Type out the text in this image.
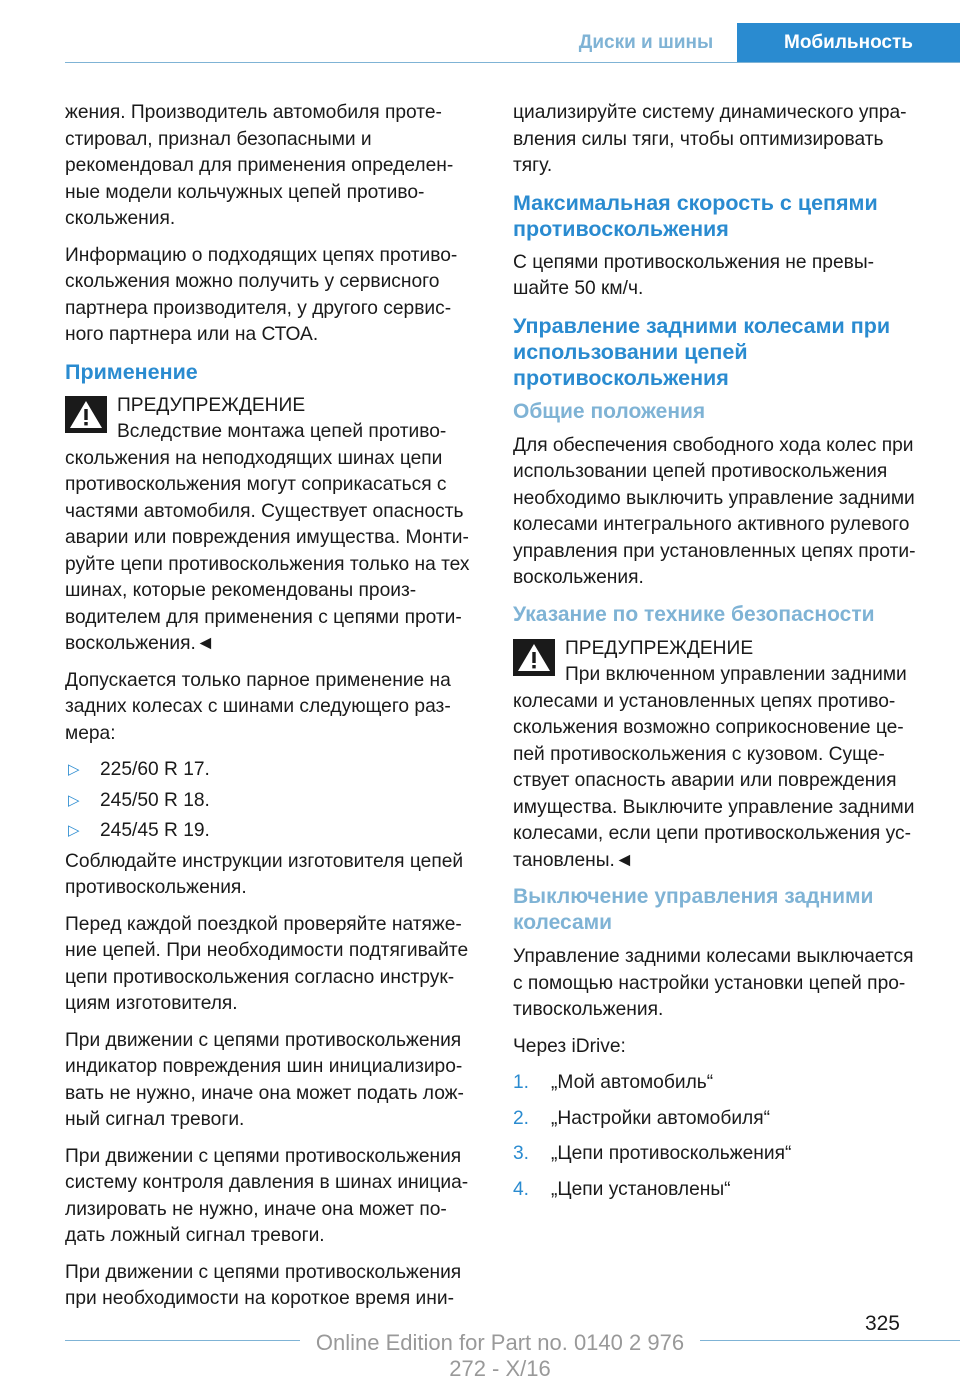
Диски и шины	Мобильность

жения. Производитель автомобиля проте- стировал, признал безопасными и рекомендовал для применения определен- ные модели кольчужных цепей противо- скольжения.

Информацию о подходящих цепях противо- скольжения можно получить у сервисного партнера производителя, у другого сервис- ного партнера или на СТОА.

Применение
ПРЕДУПРЕЖДЕНИЕ

Вследствие монтажа цепей противо- скольжения на неподходящих шинах цепи противоскольжения могут соприкасаться с частями автомобиля. Существует опасность аварии или повреждения имущества. Монти- руйте цепи противоскольжения только на тех шинах, которые рекомендованы произ- водителем для применения с цепями проти- воскольжения.◄

Допускается только парное применение на задних колесах с шинами следующего раз- мера:

▷ 225/60 R 17.
▷ 245/50 R 18.
▷ 245/45 R 19.

Соблюдайте инструкции изготовителя цепей противоскольжения.

Перед каждой поездкой проверяйте натяже- ние цепей. При необходимости подтягивайте цепи противоскольжения согласно инструк- циям изготовителя.

При движении с цепями противоскольжения индикатор повреждения шин инициализиро- вать не нужно, иначе она может подать лож- ный сигнал тревоги.

При движении с цепями противоскольжения систему контроля давления в шинах инициа- лизировать не нужно, иначе она может по- дать ложный сигнал тревоги.

При движении с цепями противоскольжения при необходимости на короткое время ини-

циализируйте систему динамического упра- вления силы тяги, чтобы оптимизировать тягу.

Максимальная скорость с цепями противоскольжения

С цепями противоскольжения не превы- шайте 50 км/ч.

Управление задними колесами при использовании цепей противоскольжения
Общие положения

Для обеспечения свободного хода колес при использовании цепей противоскольжения необходимо выключить управление задними колесами интегрального активного рулевого управления при установленных цепях проти- воскольжения.

Указание по технике безопасности
ПРЕДУПРЕЖДЕНИЕ

При включенном управлении задними колесами и установленных цепях противо- скольжения возможно соприкосновение це- пей противоскольжения с кузовом. Суще- ствует опасность аварии или повреждения имущества. Выключите управление задними колесами, если цепи противоскольжения ус- тановлены.◄

Выключение управления задними колесами

Управление задними колесами выключается с помощью настройки установки цепей про- тивоскольжения.

Через iDrive:

1. „Мой автомобиль“
2. „Настройки автомобиля“
3. „Цепи противоскольжения“
4. „Цепи установлены“
325
Online Edition for Part no. 0140 2 976 272 - X/16
